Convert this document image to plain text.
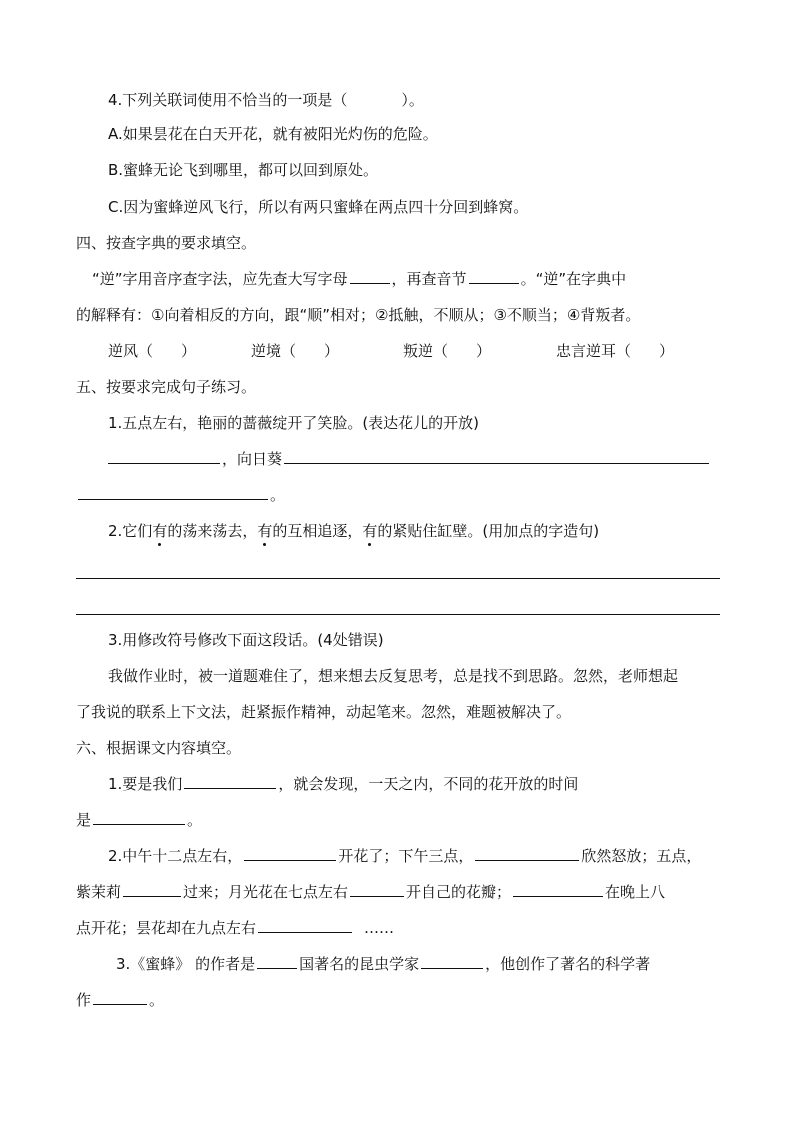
4.下列关联词使用不恰当的一项是（	）。
A.如果昙花在白天开花，就有被阳光灼伤的危险。
B.蜜蜂无论飞到哪里，都可以回到原处。
C.因为蜜蜂逆风飞行，所以有两只蜜蜂在两点四十分回到蜂窝。
四、按查字典的要求填空。
“逆”字用音序查字法，应先查大写字母	，再查音节	。“逆”在字典中
的解释有：①向着相反的方向，跟“顺”相对；②抵触，不顺从；③不顺当；④背叛者。
逆风（ ）	逆境（ ）	叛逆（ ）	忠言逆耳（ ）
五、按要求完成句子练习。
1.五点左右，艳丽的蔷薇绽开了笑脸。(表达花儿的开放)
，向日葵
。
2.它们有的荡来荡去，有的互相追逐，有的紧贴住缸壁。(用加点的字造句)
3.用修改符号修改下面这段话。(4处错误)
我做作业时，被一道题难住了，想来想去反复思考，总是找不到思路。忽然，老师想起
了我说的联系上下文法，赶紧振作精神，动起笔来。忽然，难题被解决了。
六、根据课文内容填空。
1.要是我们	，就会发现，一天之内，不同的花开放的时间
是	。
2.中午十二点左右，	开花了；下午三点，	欣然怒放；五点，
紫茉莉	过来；月光花在七点左右	开自己的花瓣；	在晚上八
点开花；昙花却在九点左右	……
3.《蜜蜂》 的作者是	国著名的昆虫学家	，他创作了著名的科学著
作	。
